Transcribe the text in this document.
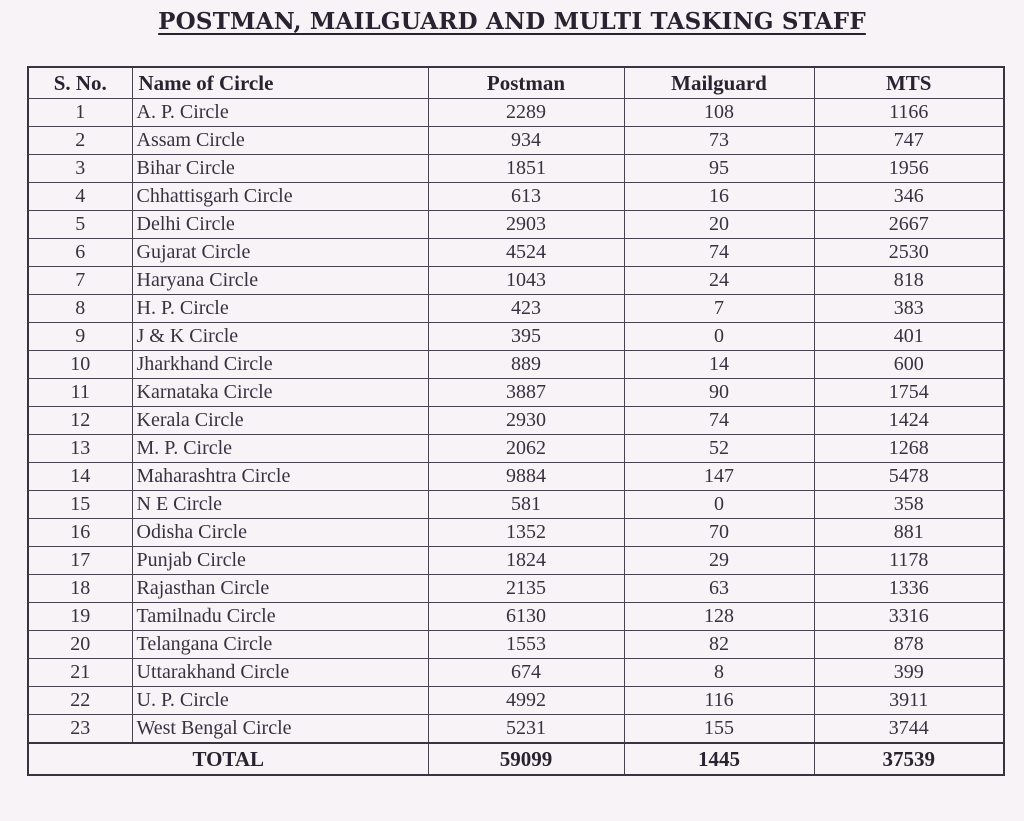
POSTMAN, MAILGUARD AND MULTI TASKING STAFF
S. No.	Name of Circle	Postman	Mailguard	MTS
1	A. P. Circle	2289	108	1166
2	Assam Circle	934	73	747
3	Bihar Circle	1851	95	1956
4	Chhattisgarh Circle	613	16	346
5	Delhi Circle	2903	20	2667
6	Gujarat Circle	4524	74	2530
7	Haryana Circle	1043	24	818
8	H. P. Circle	423	7	383
9	J & K Circle	395	0	401
10	Jharkhand Circle	889	14	600
11	Karnataka Circle	3887	90	1754
12	Kerala Circle	2930	74	1424
13	M. P. Circle	2062	52	1268
14	Maharashtra Circle	9884	147	5478
15	N E Circle	581	0	358
16	Odisha Circle	1352	70	881
17	Punjab Circle	1824	29	1178
18	Rajasthan Circle	2135	63	1336
19	Tamilnadu Circle	6130	128	3316
20	Telangana Circle	1553	82	878
21	Uttarakhand Circle	674	8	399
22	U. P. Circle	4992	116	3911
23	West Bengal Circle	5231	155	3744
TOTAL		59099	1445	37539
